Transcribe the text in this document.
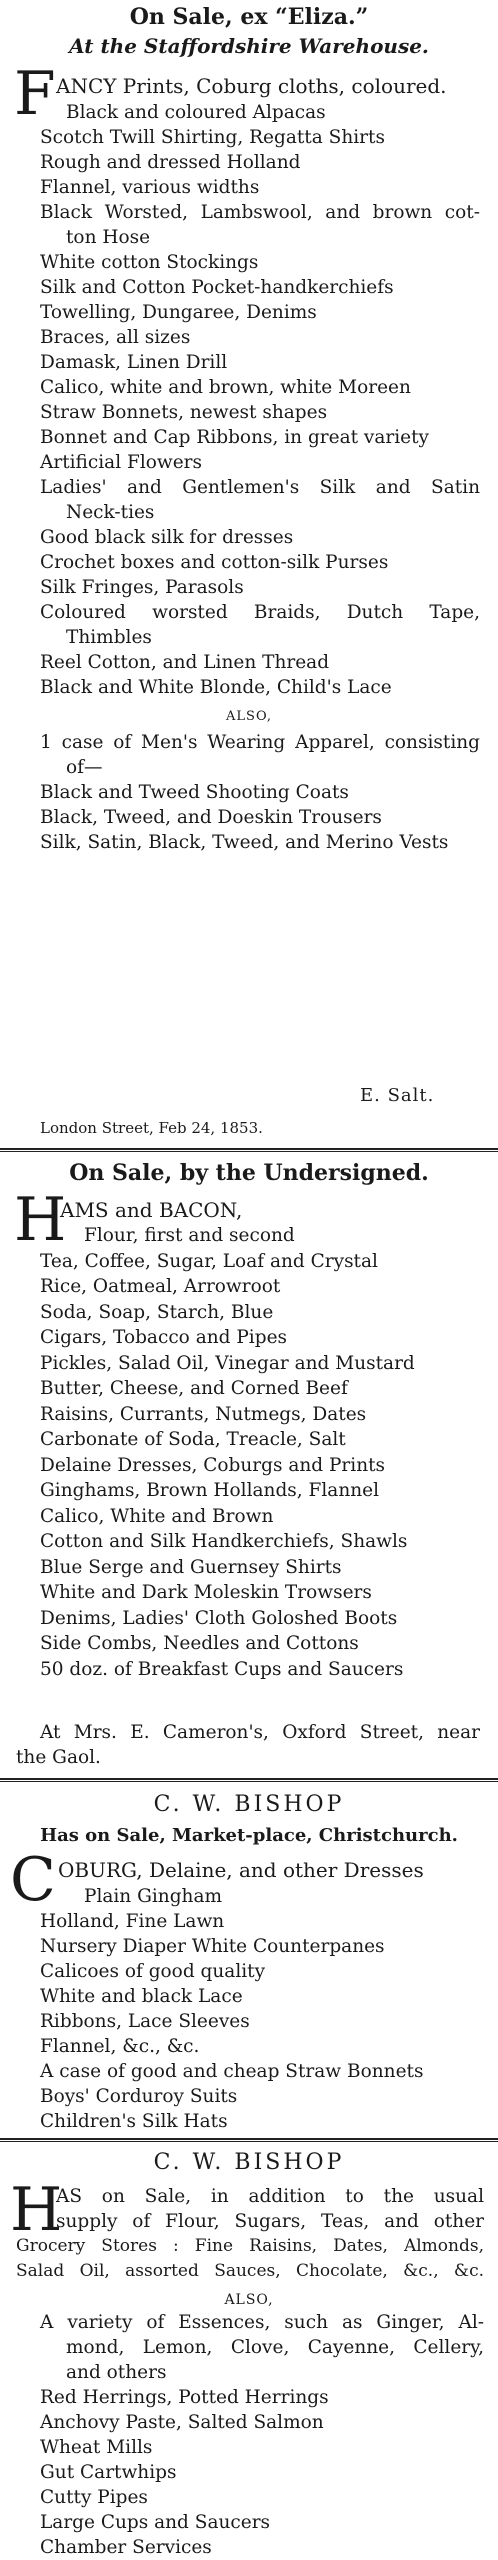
On Sale, ex “Eliza.”
At the Staffordshire Warehouse.
F ANCY Prints, Coburg cloths, coloured.
Black and coloured Alpacas
Scotch Twill Shirting, Regatta Shirts
Rough and dressed Holland
Flannel, various widths
Black Worsted, Lambswool, and brown cot-
ton Hose
White cotton Stockings
Silk and Cotton Pocket-handkerchiefs
Towelling, Dungaree, Denims
Braces, all sizes
Damask, Linen Drill
Calico, white and brown, white Moreen
Straw Bonnets, newest shapes
Bonnet and Cap Ribbons, in great variety
Artificial Flowers
Ladies' and Gentlemen's Silk and Satin
Neck-ties
Good black silk for dresses
Crochet boxes and cotton-silk Purses
Silk Fringes, Parasols
Coloured worsted Braids, Dutch Tape,
Thimbles
Reel Cotton, and Linen Thread
Black and White Blonde, Child's Lace
ALSO,
1 case of Men's Wearing Apparel, consisting
of—
Black and Tweed Shooting Coats
Black, Tweed, and Doeskin Trousers
Silk, Satin, Black, Tweed, and Merino Vests
E. Salt.
London Street, Feb 24, 1853.
On Sale, by the Undersigned.
H
AMS and BACON,
Flour, first and second
Tea, Coffee, Sugar, Loaf and Crystal
Rice, Oatmeal, Arrowroot
Soda, Soap, Starch, Blue
Cigars, Tobacco and Pipes
Pickles, Salad Oil, Vinegar and Mustard
Butter, Cheese, and Corned Beef
Raisins, Currants, Nutmegs, Dates
Carbonate of Soda, Treacle, Salt
Delaine Dresses, Coburgs and Prints
Ginghams, Brown Hollands, Flannel
Calico, White and Brown
Cotton and Silk Handkerchiefs, Shawls
Blue Serge and Guernsey Shirts
White and Dark Moleskin Trowsers
Denims, Ladies' Cloth Goloshed Boots
Side Combs, Needles and Cottons
50 doz. of Breakfast Cups and Saucers
At Mrs. E. Cameron's, Oxford Street, near
the Gaol.
C. W. BISHOP
Has on Sale, Market-place, Christchurch.
C OBURG, Delaine, and other Dresses
Plain Gingham
Holland, Fine Lawn
Nursery Diaper White Counterpanes
Calicoes of good quality
White and black Lace
Ribbons, Lace Sleeves
Flannel, &c., &c.
A case of good and cheap Straw Bonnets
Boys' Corduroy Suits
Children's Silk Hats
C. W. BISHOP
H
AS on Sale, in addition to the usual
supply of Flour, Sugars, Teas, and other
Grocery Stores : Fine Raisins, Dates, Almonds,
Salad Oil, assorted Sauces, Chocolate, &c., &c.
ALSO,
A variety of Essences, such as Ginger, Al-
mond, Lemon, Clove, Cayenne, Cellery,
and others
Red Herrings, Potted Herrings
Anchovy Paste, Salted Salmon
Wheat Mills
Gut Cartwhips
Cutty Pipes
Large Cups and Saucers
Chamber Services
